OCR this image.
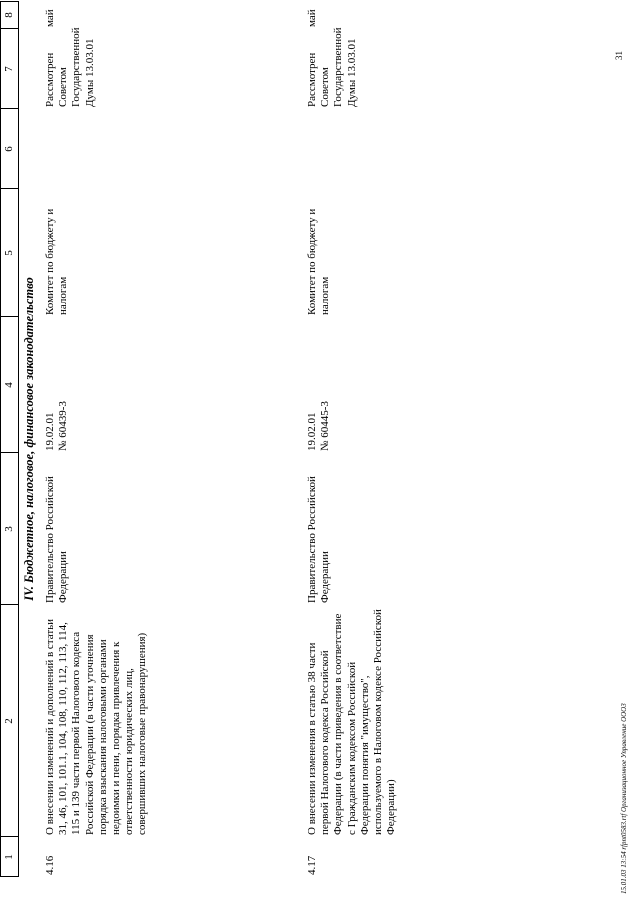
1
2
3
4
5
6
7
8
IV. Бюджетное, налоговое, финансовое законодательство
4.16
О внесении изменений и дополнений в статьи 31, 46, 101, 101.1, 104, 108, 110, 112, 113, 114, 115 и 139 части первой Налогового кодекса Российской Федерации (в части уточнения порядка взыскания налоговыми органами недоимки и пени, порядка привлечения к ответственности юридических лиц, совершивших налоговые правонарушения)
Правительство Российской Федерации
19.02.01 № 60439-3
Комитет по бюджету и налогам
Рассмотрен Советом Государственной Думы 13.03.01
май
4.17
О внесении изменения в статью 38 части первой Налогового кодекса Российской Федерации (в части приведения в соответствие с Гражданским кодексом Российской Федерации понятия "имущество", используемого в Налоговом кодексе Российской Федерации)
Правительство Российской Федерации
19.02.01 № 60445-3
Комитет по бюджету и налогам
Рассмотрен Советом Государственной Думы 13.03.01
май
15.01.03 13:54 rfpnt0583.rtf Организационное Управление ООО3
31
